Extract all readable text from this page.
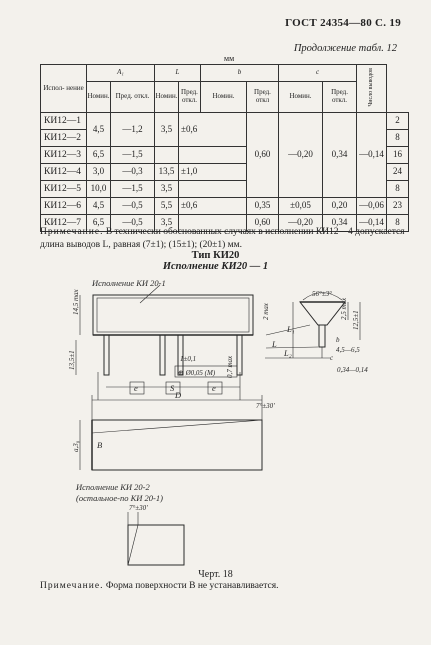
ГОСТ 24354—80 С. 19
Продолжение табл. 12
мм
Испол- нение	A₁		L		b		c		Число выводов	
	Номин.	Пред. откл.	Номин.	Пред. откл.	Номин.	Пред. откл	Номин.	Пред. откл.		
КИ12—1	4,5	—1,2	3,5	±0,6		0,60	—0,20	0,34	—0,14	2
КИ12—2										8
КИ12—3	6,5	—1,5								16
КИ12—4	3,0	—0,3	13,5	±1,0						24
КИ12—5	10,0	—1,5	3,5							8
КИ12—6	4,5	—0,5	5,5	±0,6		0,35	±0,05	0,20	—0,06	23
КИ12—7	6,5	—0,5	3,5			0,60	—0,20	0,34	—0,14	8
Примечание. В технически обоснованных случаях в исполнении КИ12—4 допускается длина выводов L, равная (7±1); (15±1); (20±1) мм.
Тип КИ20
Исполнение КИ20 — 1
Исполнение КИ 20-1
14,5 max	2 max
13,5±1	0,7 max
1±0,1
⊕ Ø0,05 (M)
e	S	e
L₁
L
L₂
56°±3°
2,5 max
12,5±1
4,5—6,5
0,34—0,14
c
b
7°±30'
D
a,3₀ B
Исполнение КИ 20-2
(остальное-по КИ 20-1)
7°±30'
Черт. 18
Примечание. Форма поверхности В не устанавливается.
